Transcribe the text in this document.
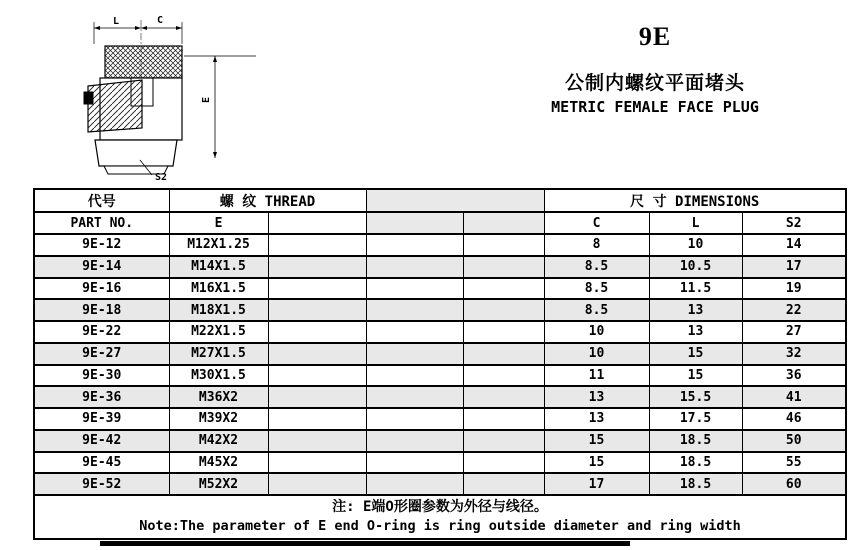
L	C
E
S2
9E
公制内螺纹平面堵头
METRIC FEMALE FACE PLUG
代号	螺 纹 THREAD				尺 寸 DIMENSIONS		
PART NO.	E				C	L	S2
9E-12	M12X1.25				8	10	14
9E-14	M14X1.5				8.5	10.5	17
9E-16	M16X1.5				8.5	11.5	19
9E-18	M18X1.5				8.5	13	22
9E-22	M22X1.5				10	13	27
9E-27	M27X1.5				10	15	32
9E-30	M30X1.5				11	15	36
9E-36	M36X2				13	15.5	41
9E-39	M39X2				13	17.5	46
9E-42	M42X2				15	18.5	50
9E-45	M45X2				15	18.5	55
9E-52	M52X2				17	18.5	60

注: E端O形圈参数为外径与线径。
Note:The parameter of E end O-ring is ring outside diameter and ring width							
